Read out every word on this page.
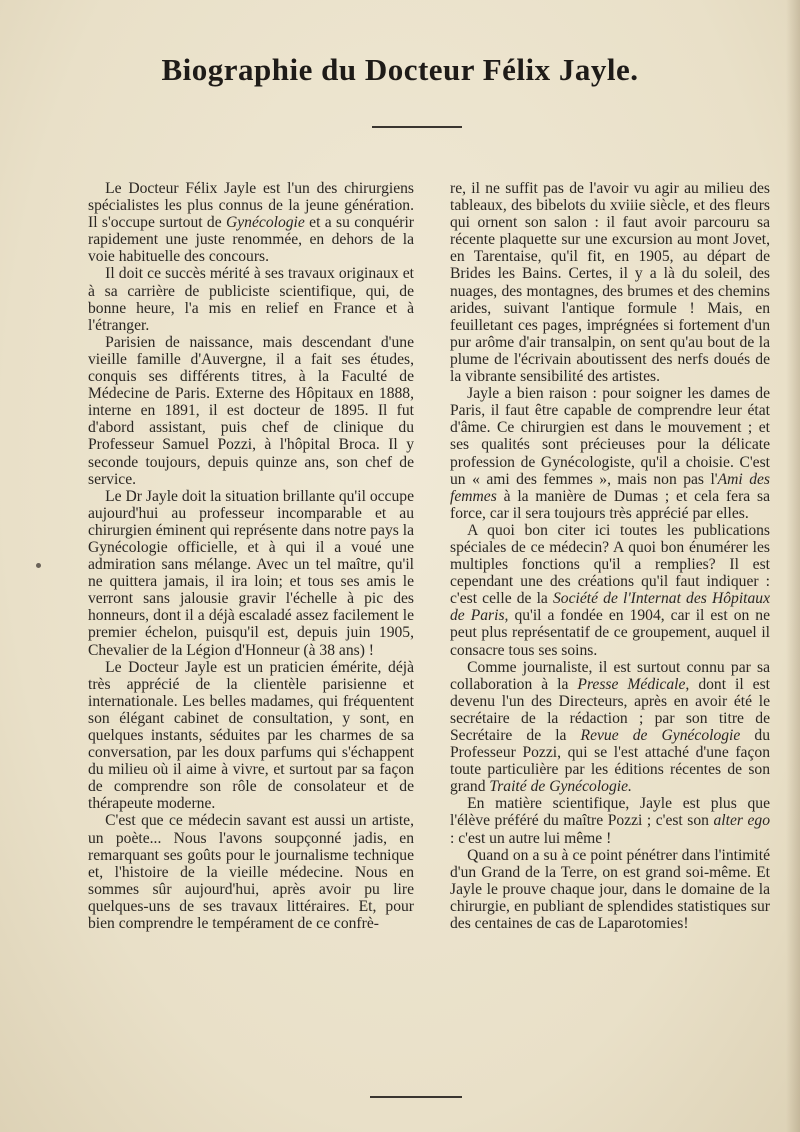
Biographie du Docteur Félix Jayle.

Le Docteur Félix Jayle est l'un des chirurgiens spécialistes les plus connus de la jeune génération. Il s'occupe surtout de Gynécologie et a su conquérir rapidement une juste renommée, en dehors de la voie habituelle des concours.

Il doit ce succès mérité à ses travaux originaux et à sa carrière de publiciste scientifique, qui, de bonne heure, l'a mis en relief en France et à l'étranger.

Parisien de naissance, mais descendant d'une vieille famille d'Auvergne, il a fait ses études, conquis ses différents titres, à la Faculté de Médecine de Paris. Externe des Hôpitaux en 1888, interne en 1891, il est docteur de 1895. Il fut d'abord assistant, puis chef de clinique du Professeur Samuel Pozzi, à l'hôpital Broca. Il y seconde toujours, depuis quinze ans, son chef de service.

Le Dr Jayle doit la situation brillante qu'il occupe aujourd'hui au professeur incomparable et au chirurgien éminent qui représente dans notre pays la Gynécologie officielle, et à qui il a voué une admiration sans mélange. Avec un tel maître, qu'il ne quittera jamais, il ira loin; et tous ses amis le verront sans jalousie gravir l'échelle à pic des honneurs, dont il a déjà escaladé assez facilement le premier échelon, puisqu'il est, depuis juin 1905, Chevalier de la Légion d'Honneur (à 38 ans) !

Le Docteur Jayle est un praticien émérite, déjà très apprécié de la clientèle parisienne et internationale. Les belles madames, qui fréquentent son élégant cabinet de consultation, y sont, en quelques instants, séduites par les charmes de sa conversation, par les doux parfums qui s'échappent du milieu où il aime à vivre, et surtout par sa façon de comprendre son rôle de consolateur et de thérapeute moderne.

C'est que ce médecin savant est aussi un artiste, un poète... Nous l'avons soupçonné jadis, en remarquant ses goûts pour le journalisme technique et, l'histoire de la vieille médecine. Nous en sommes sûr aujourd'hui, après avoir pu lire quelques-uns de ses travaux littéraires. Et, pour bien comprendre le tempérament de ce confrè-

re, il ne suffit pas de l'avoir vu agir au milieu des tableaux, des bibelots du xviiie siècle, et des fleurs qui ornent son salon : il faut avoir parcouru sa récente plaquette sur une excursion au mont Jovet, en Tarentaise, qu'il fit, en 1905, au départ de Brides les Bains. Certes, il y a là du soleil, des nuages, des montagnes, des brumes et des chemins arides, suivant l'antique formule ! Mais, en feuilletant ces pages, imprégnées si fortement d'un pur arôme d'air transalpin, on sent qu'au bout de la plume de l'écrivain aboutissent des nerfs doués de la vibrante sensibilité des artistes.

Jayle a bien raison : pour soigner les dames de Paris, il faut être capable de comprendre leur état d'âme. Ce chirurgien est dans le mouvement ; et ses qualités sont précieuses pour la délicate profession de Gynécologiste, qu'il a choisie. C'est un « ami des femmes », mais non pas l'Ami des femmes à la manière de Dumas ; et cela fera sa force, car il sera toujours très apprécié par elles.

A quoi bon citer ici toutes les publications spéciales de ce médecin? A quoi bon énumérer les multiples fonctions qu'il a remplies? Il est cependant une des créations qu'il faut indiquer : c'est celle de la Société de l'Internat des Hôpitaux de Paris, qu'il a fondée en 1904, car il est on ne peut plus représentatif de ce groupement, auquel il consacre tous ses soins.

Comme journaliste, il est surtout connu par sa collaboration à la Presse Médicale, dont il est devenu l'un des Directeurs, après en avoir été le secrétaire de la rédaction ; par son titre de Secrétaire de la Revue de Gynécologie du Professeur Pozzi, qui se l'est attaché d'une façon toute particulière par les éditions récentes de son grand Traité de Gynécologie.

En matière scientifique, Jayle est plus que l'élève préféré du maître Pozzi ; c'est son alter ego : c'est un autre lui même !

Quand on a su à ce point pénétrer dans l'intimité d'un Grand de la Terre, on est grand soi-même. Et Jayle le prouve chaque jour, dans le domaine de la chirurgie, en publiant de splendides statistiques sur des centaines de cas de Laparotomies!
